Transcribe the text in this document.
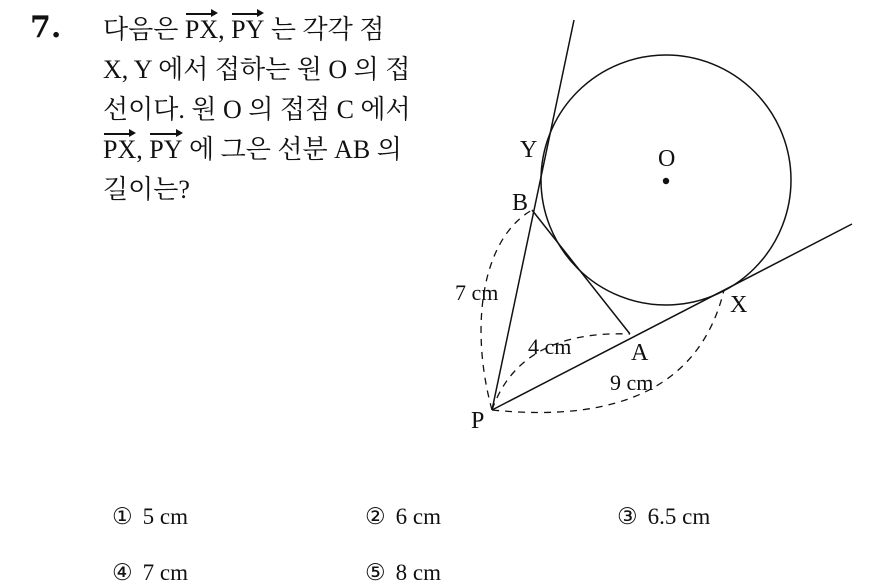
7. 다음은 PX, PY 는 각각 점
X, Y 에서 접하는 원 O 의 접
선이다. 원 O 의 접점 C 에서
PX, PY 에 그은 선분 AB 의
길이는?
O
Y
B
A
X
P
7 cm
4 cm
9 cm
① 5 cm	② 6 cm	③ 6.5 cm
④ 7 cm	⑤ 8 cm
